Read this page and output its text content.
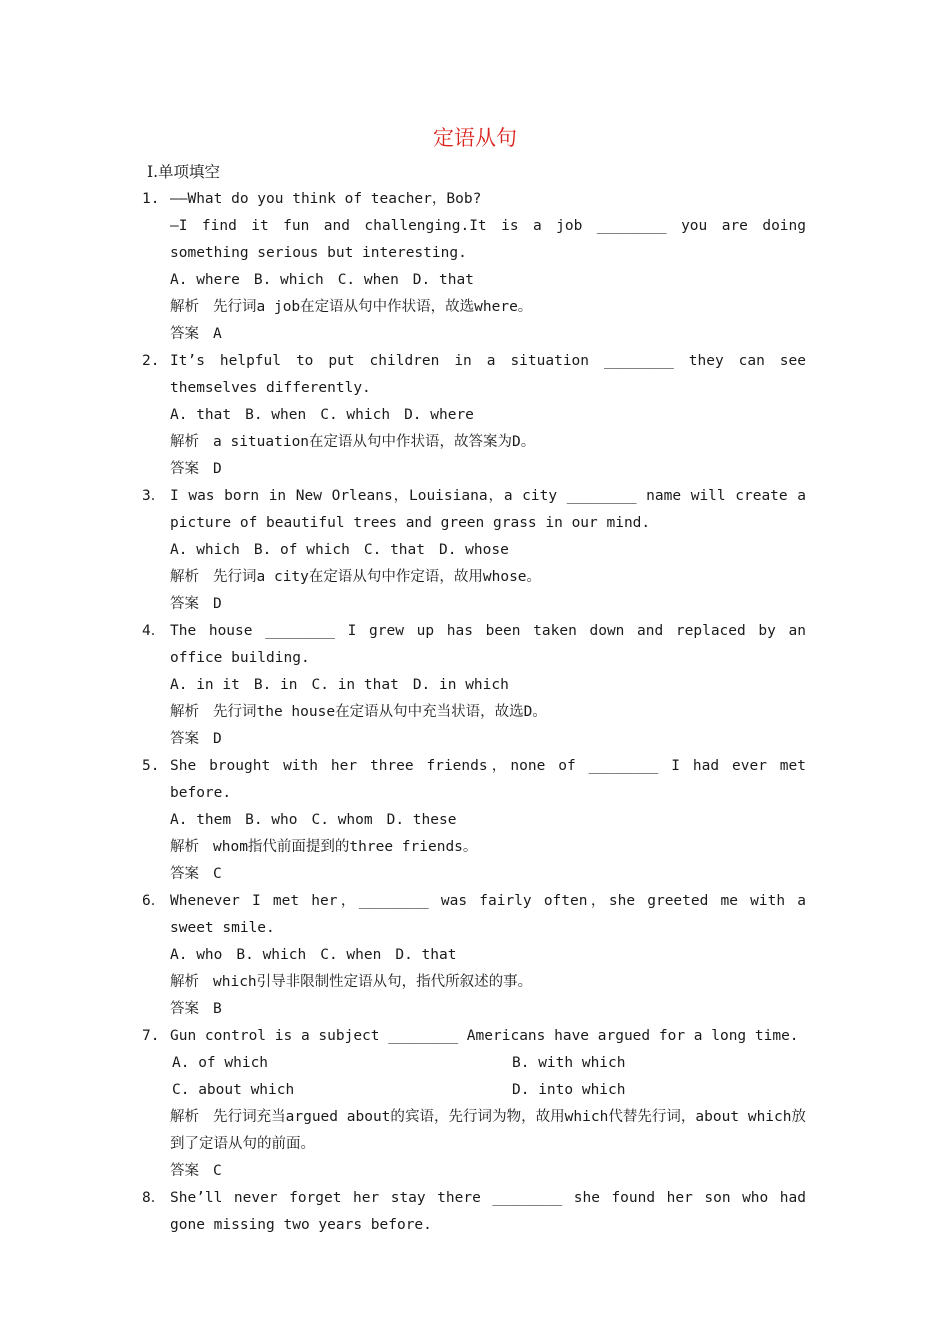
定语从句
Ⅰ.单项填空
1. ——What do you think of teacher，Bob?
—I find it fun and challenging.It is a job ________ you are doing something serious but interesting.
A. where B. which C. when D. that
解析 先行词a job在定语从句中作状语，故选where。
答案 A
2. It’s helpful to put children in a situation ________ they can see themselves differently.
A. that B. when C. which D. where
解析 a situation在定语从句中作状语，故答案为D。
答案 D
3． I was born in New Orleans，Louisiana，a city ________ name will create a picture of beautiful trees and green grass in our mind.
A. which B. of which C. that D. whose
解析 先行词a city在定语从句中作定语，故用whose。
答案 D
4． The house ________ I grew up has been taken down and replaced by an office building.
A. in it B. in C. in that D. in which
解析 先行词the house在定语从句中充当状语，故选D。
答案 D
5. She brought with her three friends，none of ________ I had ever met before.
A. them B. who C. whom D. these
解析 whom指代前面提到的three friends。
答案 C
6． Whenever I met her，________ was fairly often，she greeted me with a sweet smile.
A. who B. which C. when D. that
解析 which引导非限制性定语从句，指代所叙述的事。
答案 B
7. Gun control is a subject ________ Americans have argued for a long time.
A. of which	B. with which
C. about which	D. into which
解析 先行词充当argued about的宾语，先行词为物，故用which代替先行词，about which放到了定语从句的前面。
答案 C
8． She’ll never forget her stay there ________ she found her son who had gone missing two years before.
